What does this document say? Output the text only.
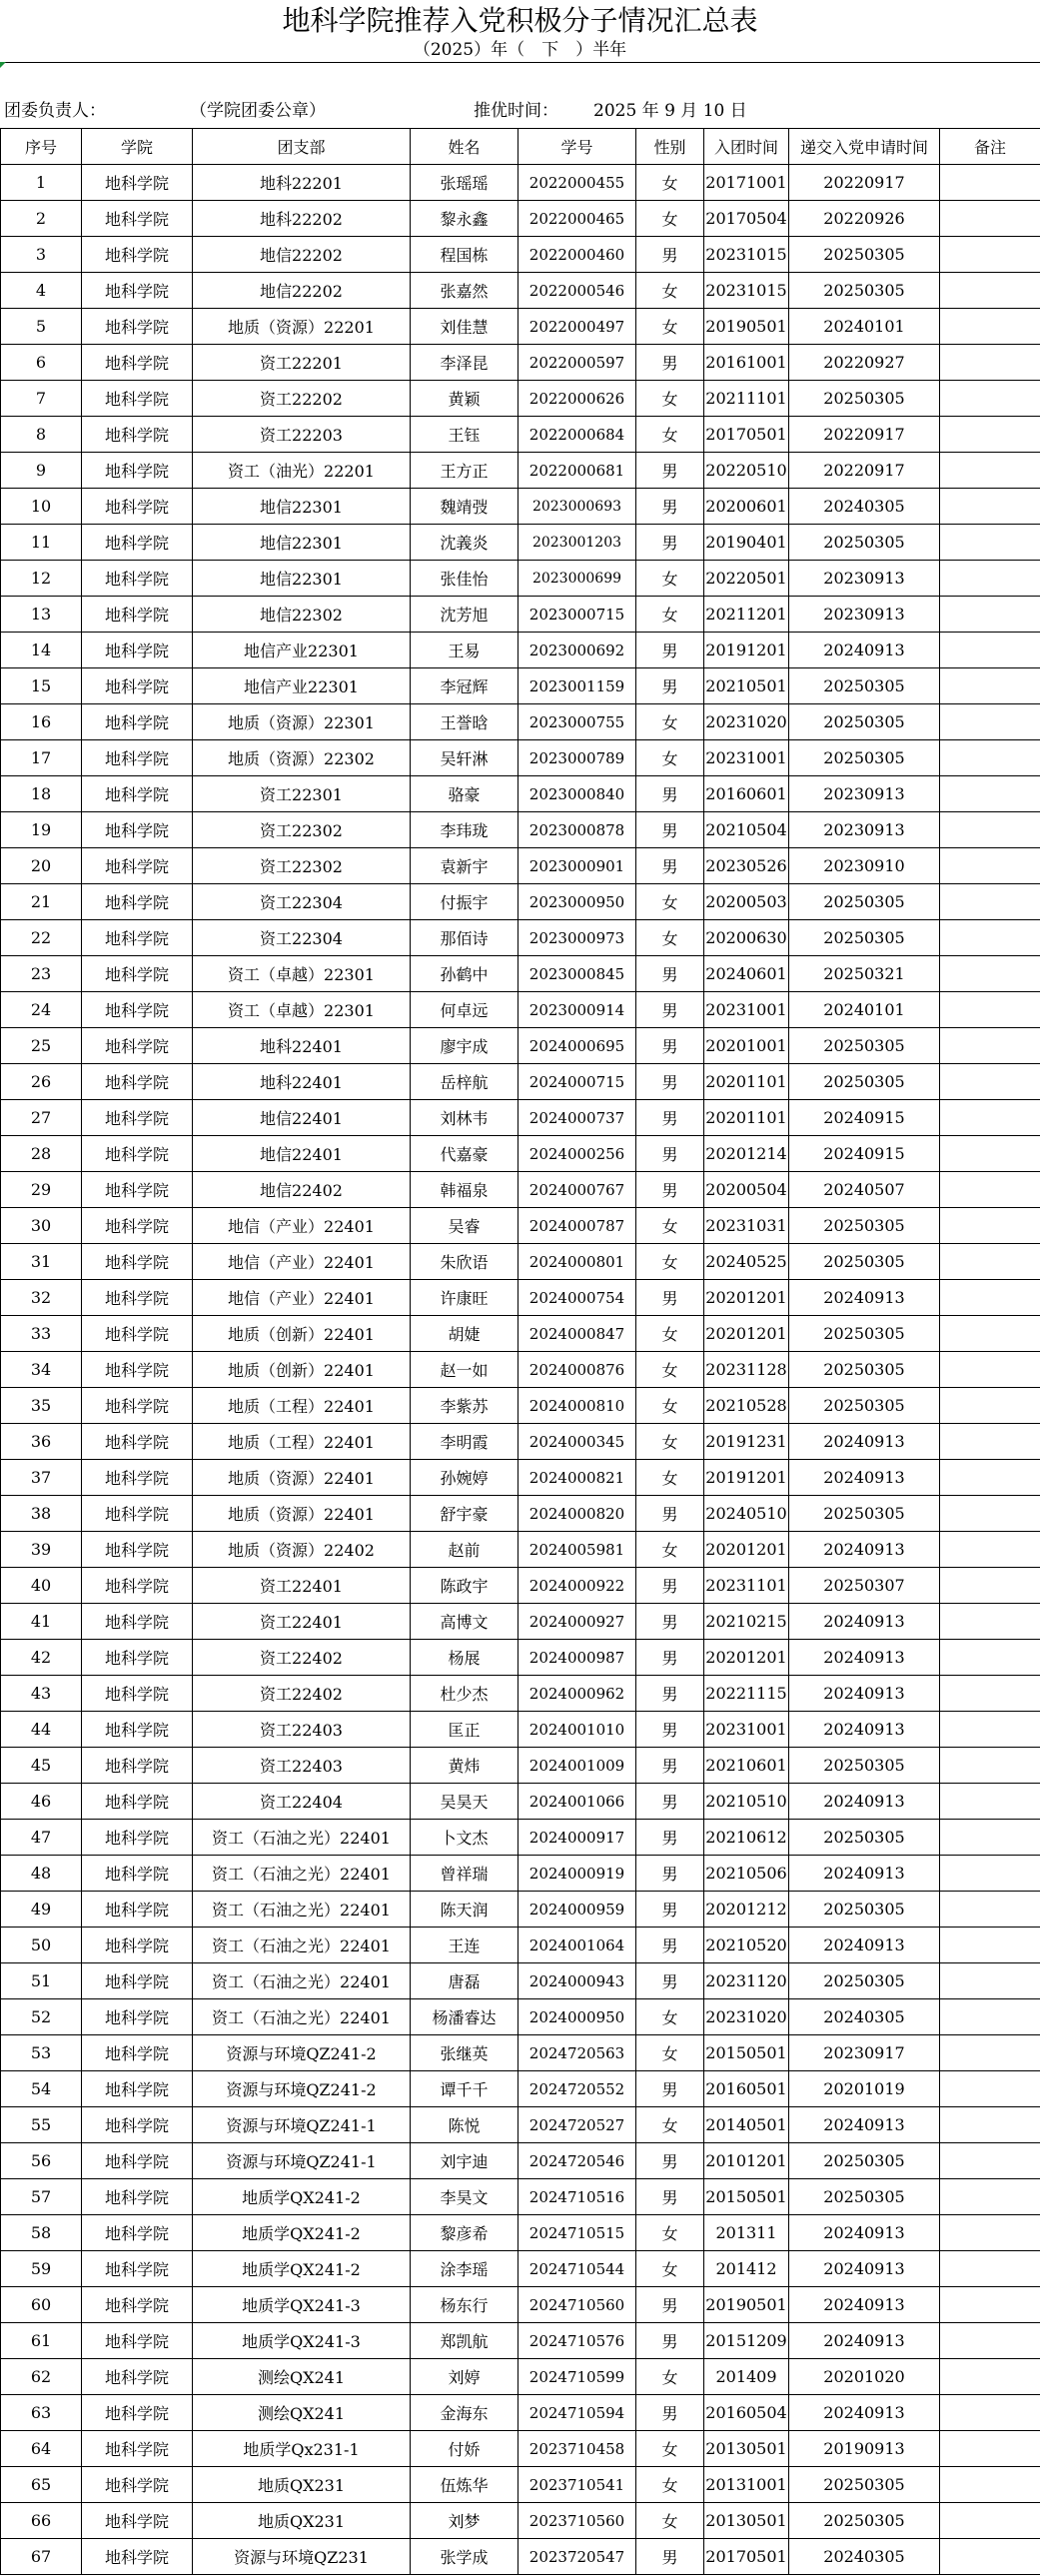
地科学院推荐入党积极分子情况汇总表
（2025）年（　下　）半年
团委负责人：	（学院团委公章）	推优时间： 2025 年 9 月 10 日
序号	学院	团支部	姓名	学号	性别	入团时间	递交入党申请时间	备注
1	地科学院	地科22201	张瑶瑶	2022000455	女	20171001	20220917	
2	地科学院	地科22202	黎永鑫	2022000465	女	20170504	20220926	
3	地科学院	地信22202	程国栋	2022000460	男	20231015	20250305	
4	地科学院	地信22202	张嘉然	2022000546	女	20231015	20250305	
5	地科学院	地质（资源）22201	刘佳慧	2022000497	女	20190501	20240101	
6	地科学院	资工22201	李泽昆	2022000597	男	20161001	20220927	
7	地科学院	资工22202	黄颖	2022000626	女	20211101	20250305	
8	地科学院	资工22203	王钰	2022000684	女	20170501	20220917	
9	地科学院	资工（油光）22201	王方正	2022000681	男	20220510	20220917	
10	地科学院	地信22301	魏靖弢	2023000693	男	20200601	20240305	
11	地科学院	地信22301	沈義炎	2023001203	男	20190401	20250305	
12	地科学院	地信22301	张佳怡	2023000699	女	20220501	20230913	
13	地科学院	地信22302	沈芳旭	2023000715	女	20211201	20230913	
14	地科学院	地信产业22301	王易	2023000692	男	20191201	20240913	
15	地科学院	地信产业22301	李冠辉	2023001159	男	20210501	20250305	
16	地科学院	地质（资源）22301	王誉晗	2023000755	女	20231020	20250305	
17	地科学院	地质（资源）22302	吴轩淋	2023000789	女	20231001	20250305	
18	地科学院	资工22301	骆豪	2023000840	男	20160601	20230913	
19	地科学院	资工22302	李玮珑	2023000878	男	20210504	20230913	
20	地科学院	资工22302	袁新宇	2023000901	男	20230526	20230910	
21	地科学院	资工22304	付振宇	2023000950	女	20200503	20250305	
22	地科学院	资工22304	那佰诗	2023000973	女	20200630	20250305	
23	地科学院	资工（卓越）22301	孙鹤中	2023000845	男	20240601	20250321	
24	地科学院	资工（卓越）22301	何卓远	2023000914	男	20231001	20240101	
25	地科学院	地科22401	廖宇成	2024000695	男	20201001	20250305	
26	地科学院	地科22401	岳梓航	2024000715	男	20201101	20250305	
27	地科学院	地信22401	刘林韦	2024000737	男	20201101	20240915	
28	地科学院	地信22401	代嘉豪	2024000256	男	20201214	20240915	
29	地科学院	地信22402	韩福泉	2024000767	男	20200504	20240507	
30	地科学院	地信（产业）22401	吴睿	2024000787	女	20231031	20250305	
31	地科学院	地信（产业）22401	朱欣语	2024000801	女	20240525	20250305	
32	地科学院	地信（产业）22401	许康旺	2024000754	男	20201201	20240913	
33	地科学院	地质（创新）22401	胡婕	2024000847	女	20201201	20250305	
34	地科学院	地质（创新）22401	赵一如	2024000876	女	20231128	20250305	
35	地科学院	地质（工程）22401	李紫苏	2024000810	女	20210528	20250305	
36	地科学院	地质（工程）22401	李明霞	2024000345	女	20191231	20240913	
37	地科学院	地质（资源）22401	孙婉婷	2024000821	女	20191201	20240913	
38	地科学院	地质（资源）22401	舒宇豪	2024000820	男	20240510	20250305	
39	地科学院	地质（资源）22402	赵前	2024005981	女	20201201	20240913	
40	地科学院	资工22401	陈政宇	2024000922	男	20231101	20250307	
41	地科学院	资工22401	高博文	2024000927	男	20210215	20240913	
42	地科学院	资工22402	杨展	2024000987	男	20201201	20240913	
43	地科学院	资工22402	杜少杰	2024000962	男	20221115	20240913	
44	地科学院	资工22403	匡正	2024001010	男	20231001	20240913	
45	地科学院	资工22403	黄炜	2024001009	男	20210601	20250305	
46	地科学院	资工22404	吴昊天	2024001066	男	20210510	20240913	
47	地科学院	资工（石油之光）22401	卜文杰	2024000917	男	20210612	20250305	
48	地科学院	资工（石油之光）22401	曾祥瑞	2024000919	男	20210506	20240913	
49	地科学院	资工（石油之光）22401	陈天润	2024000959	男	20201212	20250305	
50	地科学院	资工（石油之光）22401	王连	2024001064	男	20210520	20240913	
51	地科学院	资工（石油之光）22401	唐磊	2024000943	男	20231120	20250305	
52	地科学院	资工（石油之光）22401	杨潘睿达	2024000950	女	20231020	20240305	
53	地科学院	资源与环境QZ241-2	张继英	2024720563	女	20150501	20230917	
54	地科学院	资源与环境QZ241-2	谭千千	2024720552	男	20160501	20201019	
55	地科学院	资源与环境QZ241-1	陈悦	2024720527	女	20140501	20240913	
56	地科学院	资源与环境QZ241-1	刘宇迪	2024720546	男	20101201	20250305	
57	地科学院	地质学QX241-2	李昊文	2024710516	男	20150501	20250305	
58	地科学院	地质学QX241-2	黎彦希	2024710515	女	201311	20240913	
59	地科学院	地质学QX241-2	涂李瑶	2024710544	女	201412	20240913	
60	地科学院	地质学QX241-3	杨东行	2024710560	男	20190501	20240913	
61	地科学院	地质学QX241-3	郑凯航	2024710576	男	20151209	20240913	
62	地科学院	测绘QX241	刘婷	2024710599	女	201409	20201020	
63	地科学院	测绘QX241	金海东	2024710594	男	20160504	20240913	
64	地科学院	地质学Qx231-1	付娇	2023710458	女	20130501	20190913	
65	地科学院	地质QX231	伍炼华	2023710541	女	20131001	20250305	
66	地科学院	地质QX231	刘梦	2023710560	女	20130501	20250305	
67	地科学院	资源与环境QZ231	张学成	2023720547	男	20170501	20240305	
